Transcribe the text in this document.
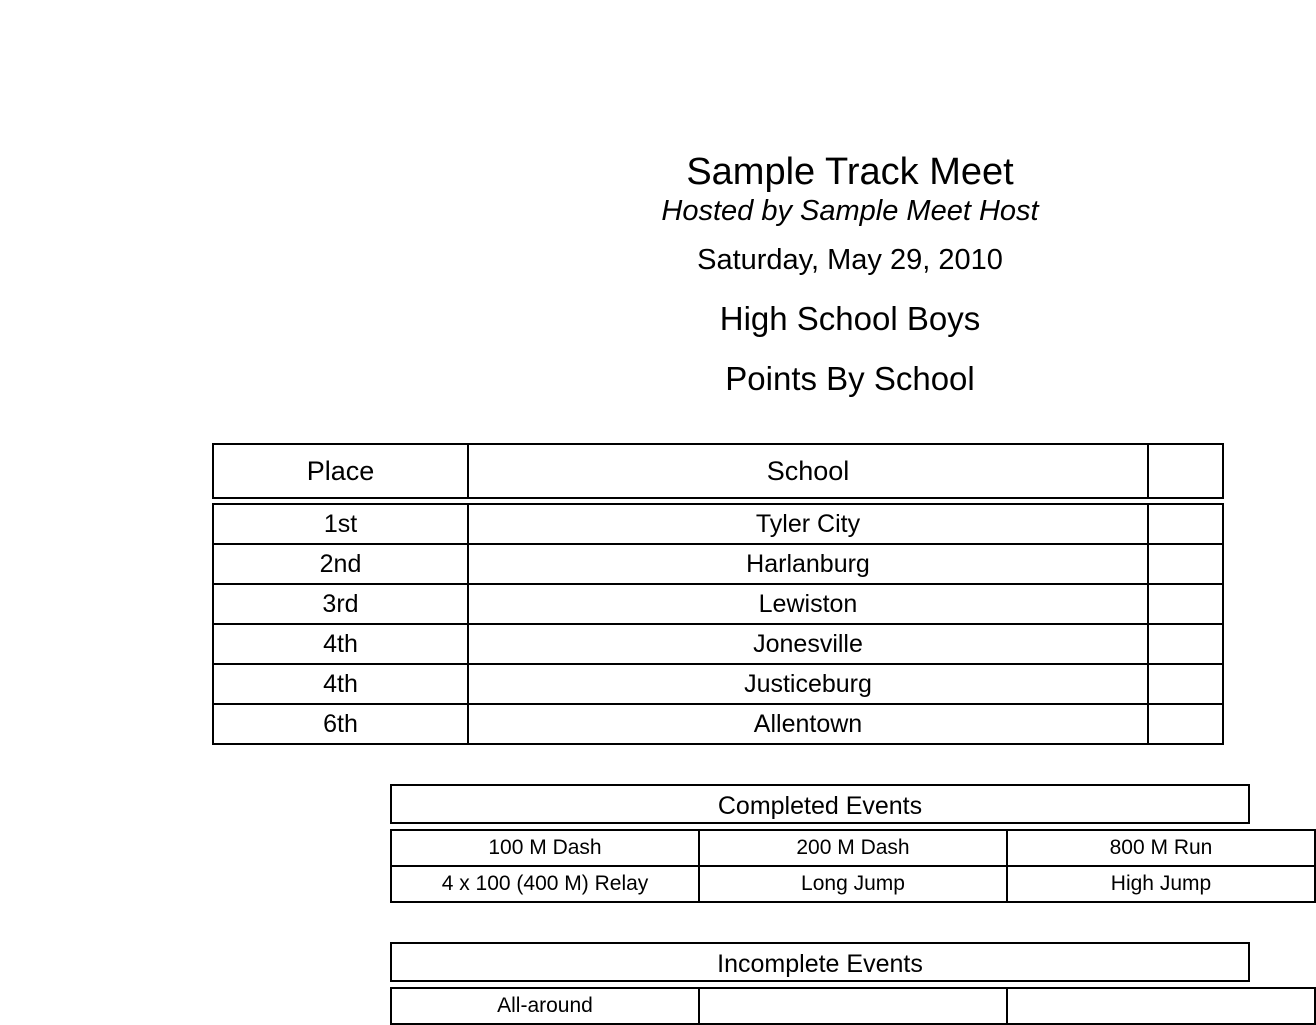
Sample Track Meet
Hosted by Sample Meet Host
Saturday, May 29, 2010
High School Boys
Points By School
Place	School	
1st	Tyler City	
2nd	Harlanburg	
3rd	Lewiston	
4th	Jonesville	
4th	Justiceburg	
6th	Allentown	
Completed Events
100 M Dash	200 M Dash	800 M Run
4 x 100 (400 M) Relay	Long Jump	High Jump
Incomplete Events
All-around		
